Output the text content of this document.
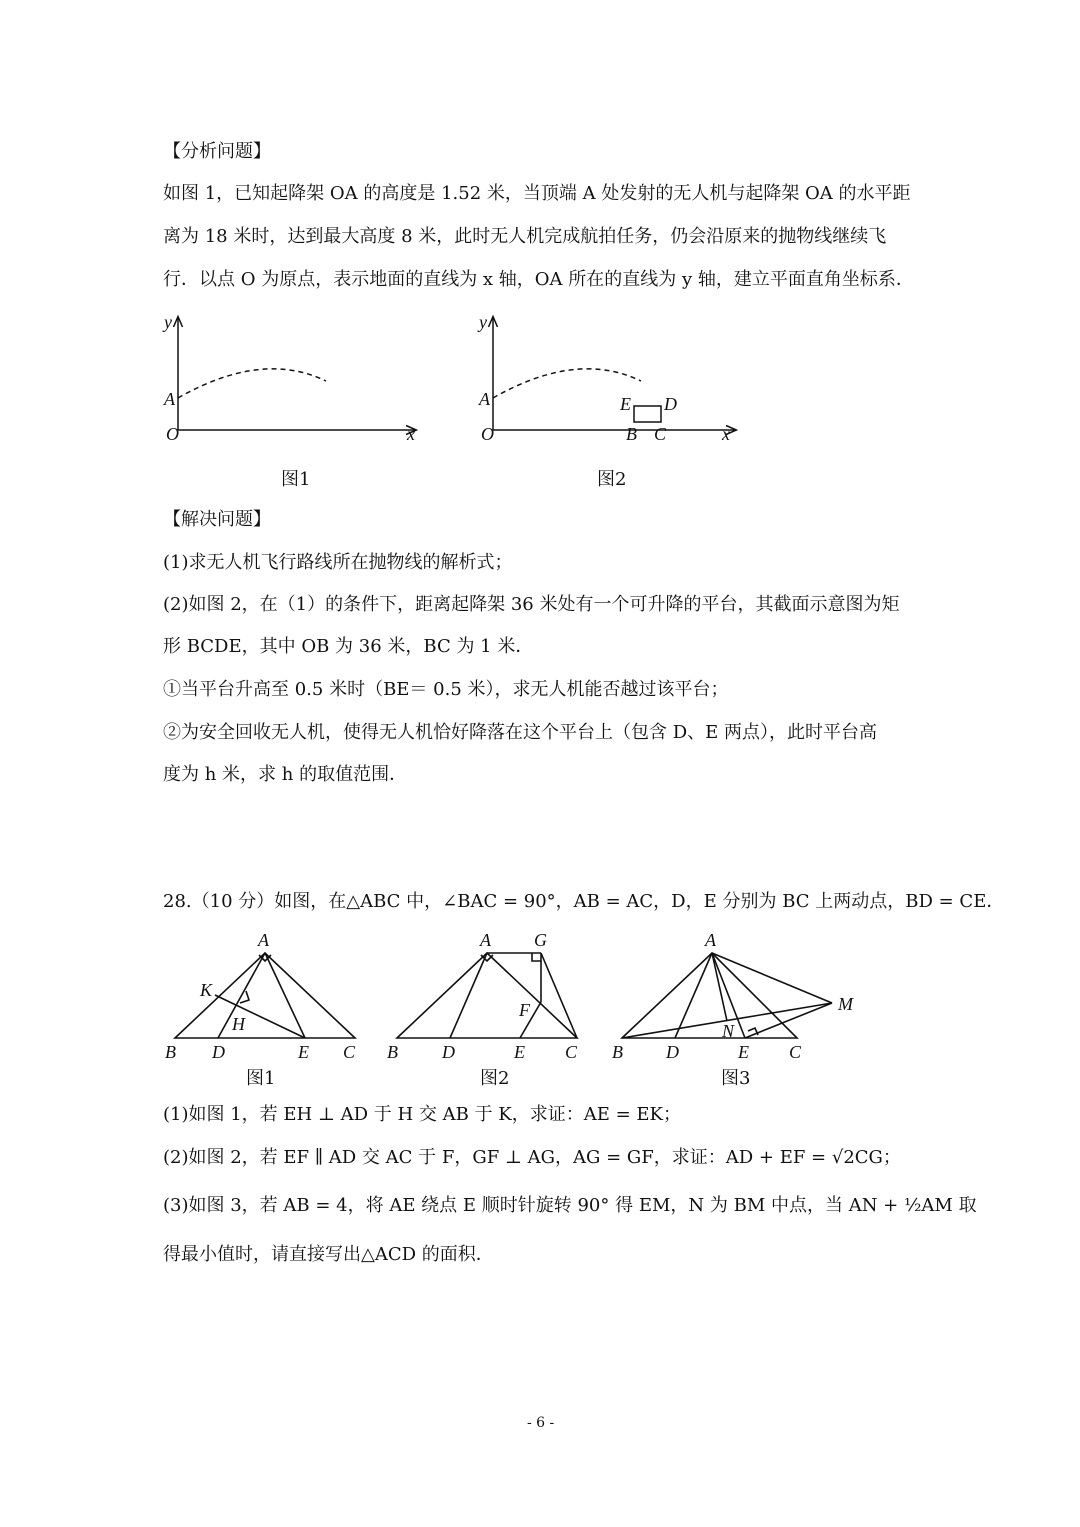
【分析问题】
如图 1，已知起降架 OA 的高度是 1.52 米，当顶端 A 处发射的无人机与起降架 OA 的水平距
离为 18 米时，达到最大高度 8 米，此时无人机完成航拍任务，仍会沿原来的抛物线继续飞
行．以点 O 为原点，表示地面的直线为 x 轴，OA 所在的直线为 y 轴，建立平面直角坐标系．
y
A
O	x
y
A
O	x
E D
B C
A
K
H
B D	E C
A G
F
B D	E C
A
M
N
B D	E C
图1	图2
【解决问题】
(1)求无人机飞行路线所在抛物线的解析式；
(2)如图 2，在（1）的条件下，距离起降架 36 米处有一个可升降的平台，其截面示意图为矩
形 BCDE，其中 OB 为 36 米，BC 为 1 米．
①当平台升高至 0.5 米时（BE＝ 0.5 米），求无人机能否越过该平台；
②为安全回收无人机，使得无人机恰好降落在这个平台上（包含 D、E 两点），此时平台高
度为 h 米，求 h 的取值范围．
28.（10 分）如图，在△ABC 中，∠BAC = 90°，AB = AC，D，E 分别为 BC 上两动点，BD = CE．
图1	图2	图3
(1)如图 1，若 EH ⊥ AD 于 H 交 AB 于 K，求证：AE = EK；
(2)如图 2，若 EF ∥ AD 交 AC 于 F，GF ⊥ AG，AG = GF，求证：AD + EF = √2CG；
(3)如图 3，若 AB = 4，将 AE 绕点 E 顺时针旋转 90° 得 EM，N 为 BM 中点，当 AN + ½AM 取
得最小值时，请直接写出△ACD 的面积．
- 6 -
